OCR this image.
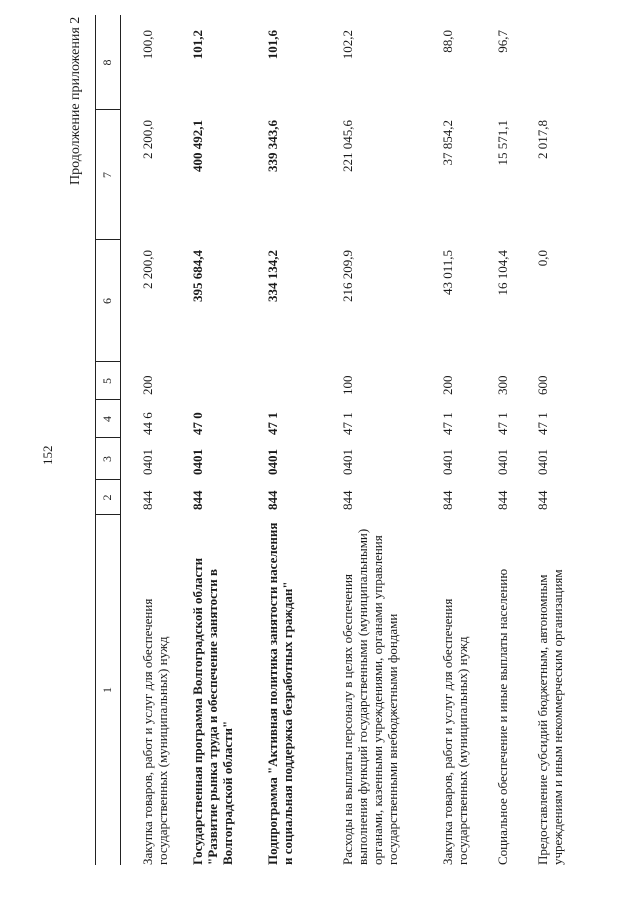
152
Продолжение приложения 2
1
2
3
4
5
6
7
8
Закупка товаров, работ и услуг для обеспечения государственных (муниципальных) нужд
844
0401
44 6
200
2 200,0
2 200,0
100,0
Государственная программа Волгоградской области "Развитие рынка труда и обеспечение занятости в Волгоградской области"
844
0401
47 0
395 684,4
400 492,1
101,2
Подпрограмма "Активная политика занятости населения и социальная поддержка безработных граждан"
844
0401
47 1
334 134,2
339 343,6
101,6
Расходы на выплаты персоналу в целях обеспечения выполнения функций государственными (муниципальными) органами, казенными учреждениями, органами управления государственными внебюджетными фондами
844
0401
47 1
100
216 209,9
221 045,6
102,2
Закупка товаров, работ и услуг для обеспечения государственных (муниципальных) нужд
844
0401
47 1
200
43 011,5
37 854,2
88,0
Социальное обеспечение и иные выплаты населению
844
0401
47 1
300
16 104,4
15 571,1
96,7
Предоставление субсидий бюджетным, автономным учреждениям и иным некоммерческим организациям
844
0401
47 1
600
0,0
2 017,8
